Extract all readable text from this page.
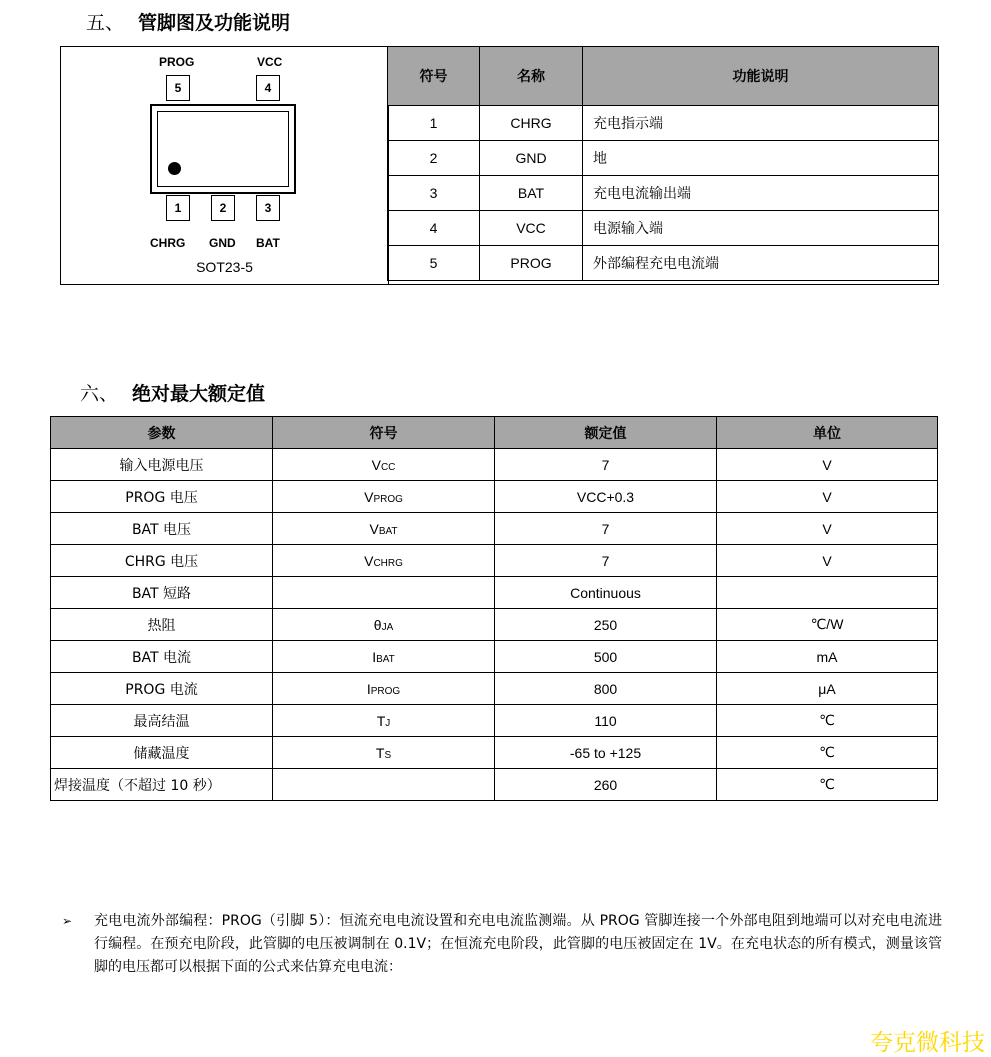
五、 管脚图及功能说明
PROG
5
VCC
4
1	2	3
CHRG GND BAT
SOT23-5
符号	名称	功能说明
1	CHRG	充电指示端
2	GND	地
3	BAT	充电电流输出端
4	VCC	电源输入端
5	PROG	外部编程充电电流端
六、 绝对最大额定值
参数	符号	额定值	单位
输入电源电压	VCC	7	V
PROG 电压	VPROG	VCC+0.3	V
BAT 电压	VBAT	7	V
CHRG 电压	VCHRG	7	V
BAT 短路		Continuous	
热阻	θJA	250	℃/W
BAT 电流	IBAT	500	mA
PROG 电流	IPROG	800	μA
最高结温	TJ	110	℃
储藏温度	TS	-65 to +125	℃
焊接温度（不超过 10 秒）		260	℃
➢ 充电电流外部编程：PROG（引脚 5）：恒流充电电流设置和充电电流监测端。从 PROG 管脚连接一个外部电阻到地端可以对充电电流进行编程。在预充电阶段，此管脚的电压被调制在 0.1V；在恒流充电阶段，此管脚的电压被固定在 1V。在充电状态的所有模式，测量该管脚的电压都可以根据下面的公式来估算充电电流：
夸克微科技
